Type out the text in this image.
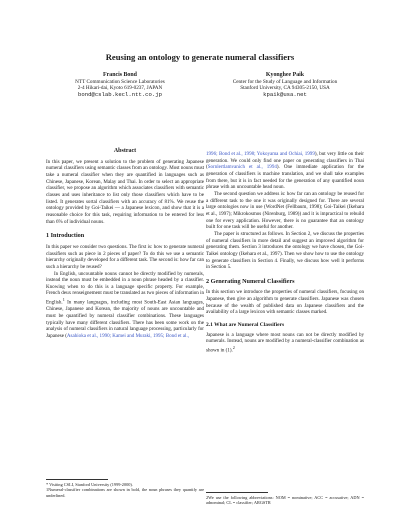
Reusing an ontology to generate numeral classifiers
Francis Bond
NTT Communication Science Laboratories
2-4 Hikari-dai, Kyoto 619-0237, JAPAN
bond@cslab.kecl.ntt.co.jp
Kyonghee Paik
Center for the Study of Language and Information
Stanford University, CA 94305-2150, USA
kpaik@usa.net
Abstract

In this paper, we present a solution to the problem of generating Japanese numeral classifiers using semantic classes from an ontology. Most nouns must take a numeral classifier when they are quantified in languages such as Chinese, Japanese, Korean, Malay and Thai. In order to select an appropriate classifier, we propose an algorithm which associates classifiers with semantic classes and uses inheritance to list only those classifiers which have to be listed. It generates sortal classifiers with an accuracy of 81%. We reuse the ontology provided by Goi-Taikei — a Japanese lexicon, and show that it is a reasonable choice for this task, requiring information to be entered for less than 6% of individual nouns.

1 Introduction

In this paper we consider two questions. The first is: how to generate numeral classifiers such as piece in 2 pieces of paper? To do this we use a semantic hierarchy originally developed for a different task. The second is: how far can such a hierarchy be reused?

In English, uncountable nouns cannot be directly modified by numerals, instead the noun must be embedded in a noun phrase headed by a classifier. Knowing when to do this is a language specific property. For example, French deux renseignement must be translated as two pieces of information in English.$^1$ In many languages, including most South-East Asian languages, Chinese, Japanese and Korean, the majority of nouns are uncountable and must be quantified by numeral classifier combinations. These languages typically have many different classifiers. There has been some work on the analysis of numeral classifiers in natural language processing, particularly for Japanese (Asahioka et al., 1990; Kamei and Muraki, 1995; Bond et al.,

1996; Bond et al., 1998; Yokoyama and Ochiai, 1999), but very little on their generation. We could only find one paper on generating classifiers in Thai (Sornlertlamvanich et al., 1994). One immediate application for the generation of classifiers is machine translation, and we shall take examples from there, but it is in fact needed for the generation of any quantified noun phrase with an uncountable head noun.

The second question we address is: how far can an ontology be reused for a different task to the one it was originally designed for. There are several large ontologies now in use (WordNet (Fellbaum, 1998); Goi-Taikei (Ikehara et al., 1997); Mikrokosmos (Nirenburg, 1989)) and it is impractical to rebuild one for every application. However, there is no guarantee that an ontology built for one task will be useful for another.

The paper is structured as follows. In Section 2, we discuss the properties of numeral classifiers in more detail and suggest an improved algorithm for generating them. Section 3 introduces the ontology we have chosen, the Goi-Taikei ontology (Ikehara et al., 1997). Then we show how to use the ontology to generate classifiers in Section 4. Finally, we discuss how well it performs in Section 5.

2 Generating Numeral Classifiers

In this section we introduce the properties of numeral classifiers, focusing on Japanese, then give an algorithm to generate classifiers. Japanese was chosen because of the wealth of published data on Japanese classifiers and the availability of a large lexicon with semantic classes marked.

2.1 What are Numeral Classifiers

Japanese is a language where most nouns can not be directly modified by numerals. Instead, nouns are modified by a numeral-classifier combination as shown in (1).$^2$

* Visiting CSLI, Stanford University (1999-2000).
1Numeral-classifier combinations are shown in bold, the noun phrases they quantify are underlined.	2We use the following abbreviations: NOM = nominative; ACC = accusative; ADN = adnominal; CL = classifier; ARGSTR
